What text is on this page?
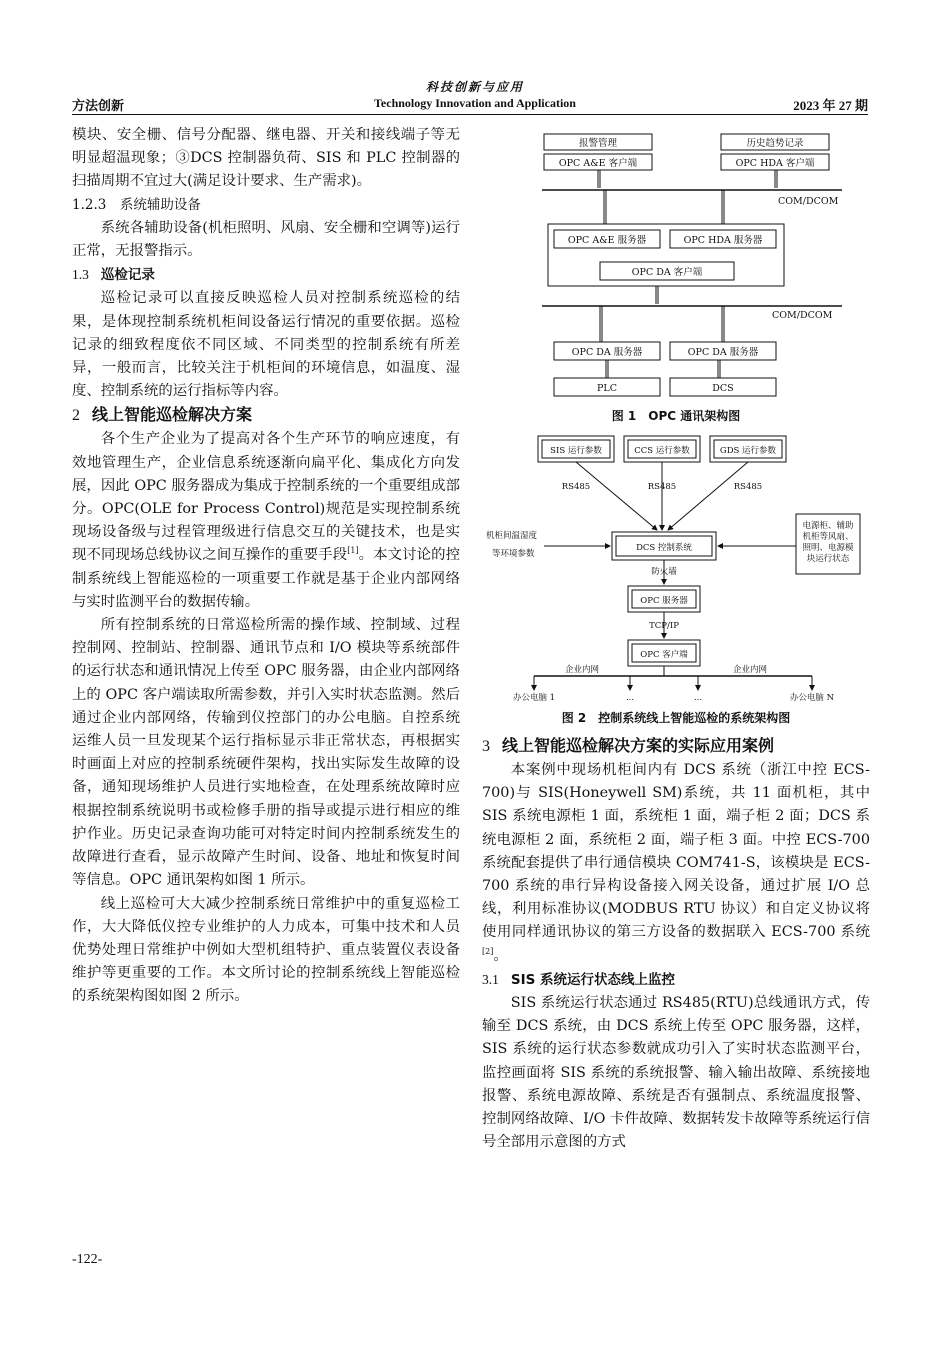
科技创新与应用
Technology Innovation and Application
方法创新	2023 年 27 期

模块、安全栅、信号分配器、继电器、开关和接线端子等无明显超温现象；③DCS 控制器负荷、SIS 和 PLC 控制器的扫描周期不宜过大(满足设计要求、生产需求)。

1.2.3　系统辅助设备

系统各辅助设备(机柜照明、风扇、安全栅和空调等)运行正常，无报警指示。

1.3 巡检记录

巡检记录可以直接反映巡检人员对控制系统巡检的结果，是体现控制系统机柜间设备运行情况的重要依据。巡检记录的细致程度依不同区域、不同类型的控制系统有所差异，一般而言，比较关注于机柜间的环境信息，如温度、湿度、控制系统的运行指标等内容。

2 线上智能巡检解决方案

各个生产企业为了提高对各个生产环节的响应速度，有效地管理生产，企业信息系统逐渐向扁平化、集成化方向发展，因此 OPC 服务器成为集成于控制系统的一个重要组成部分。OPC(OLE for Process Control)规范是实现控制系统现场设备级与过程管理级进行信息交互的关键技术，也是实现不同现场总线协议之间互操作的重要手段[1]。本文讨论的控制系统线上智能巡检的一项重要工作就是基于企业内部网络与实时监测平台的数据传输。

所有控制系统的日常巡检所需的操作域、控制域、过程控制网、控制站、控制器、通讯节点和 I/O 模块等系统部件的运行状态和通讯情况上传至 OPC 服务器，由企业内部网络上的 OPC 客户端读取所需参数，并引入实时状态监测。然后通过企业内部网络，传输到仪控部门的办公电脑。自控系统运维人员一旦发现某个运行指标显示非正常状态，再根据实时画面上对应的控制系统硬件架构，找出实际发生故障的设备，通知现场维护人员进行实地检查，在处理系统故障时应根据控制系统说明书或检修手册的指导或提示进行相应的维护作业。历史记录查询功能可对特定时间内控制系统发生的故障进行查看，显示故障产生时间、设备、地址和恢复时间等信息。OPC 通讯架构如图 1 所示。

线上巡检可大大减少控制系统日常维护中的重复巡检工作，大大降低仪控专业维护的人力成本，可集中技术和人员优势处理日常维护中例如大型机组特护、重点装置仪表设备维护等更重要的工作。本文所讨论的控制系统线上智能巡检的系统架构图如图 2 所示。

-122-
报警管理
OPC A&E 客户端
历史趋势记录
OPC HDA 客户端
OPC A&E 服务器	OPC HDA 服务器
OPC DA 客户端
OPC DA 服务器	OPC DA 服务器
PLC	DCS
COM/DCOM
COM/DCOM
图 1　OPC 通讯架构图
SIS 运行参数	CCS 运行参数	GDS 运行参数
RS485	RS485	RS485
DCS 控制系统
电源柜、辅助
机柜等风扇、
照明、电源模
块运行状态
防火墙
OPC 服务器
TCP/IP
OPC 客户端
企业内网	企业内网
办公电脑 1	...	...	办公电脑 N
机柜间温湿度
等环境参数
图 2　控制系统线上智能巡检的系统架构图

3 线上智能巡检解决方案的实际应用案例

本案例中现场机柜间内有 DCS 系统（浙江中控 ECS-700)与 SIS(Honeywell SM)系统，共 11 面机柜，其中 SIS 系统电源柜 1 面，系统柜 1 面，端子柜 2 面；DCS 系统电源柜 2 面，系统柜 2 面，端子柜 3 面。中控 ECS-700 系统配套提供了串行通信模块 COM741-S，该模块是 ECS-700 系统的串行异构设备接入网关设备，通过扩展 I/O 总线，利用标准协议(MODBUS RTU 协议）和自定义协议将使用同样通讯协议的第三方设备的数据联入 ECS-700 系统[2]。

3.1 SIS 系统运行状态线上监控

SIS 系统运行状态通过 RS485(RTU)总线通讯方式，传输至 DCS 系统，由 DCS 系统上传至 OPC 服务器，这样，SIS 系统的运行状态参数就成功引入了实时状态监测平台，监控画面将 SIS 系统的系统报警、输入输出故障、系统接地报警、系统电源故障、系统是否有强制点、系统温度报警、控制网络故障、I/O 卡件故障、数据转发卡故障等系统运行信号全部用示意图的方式
